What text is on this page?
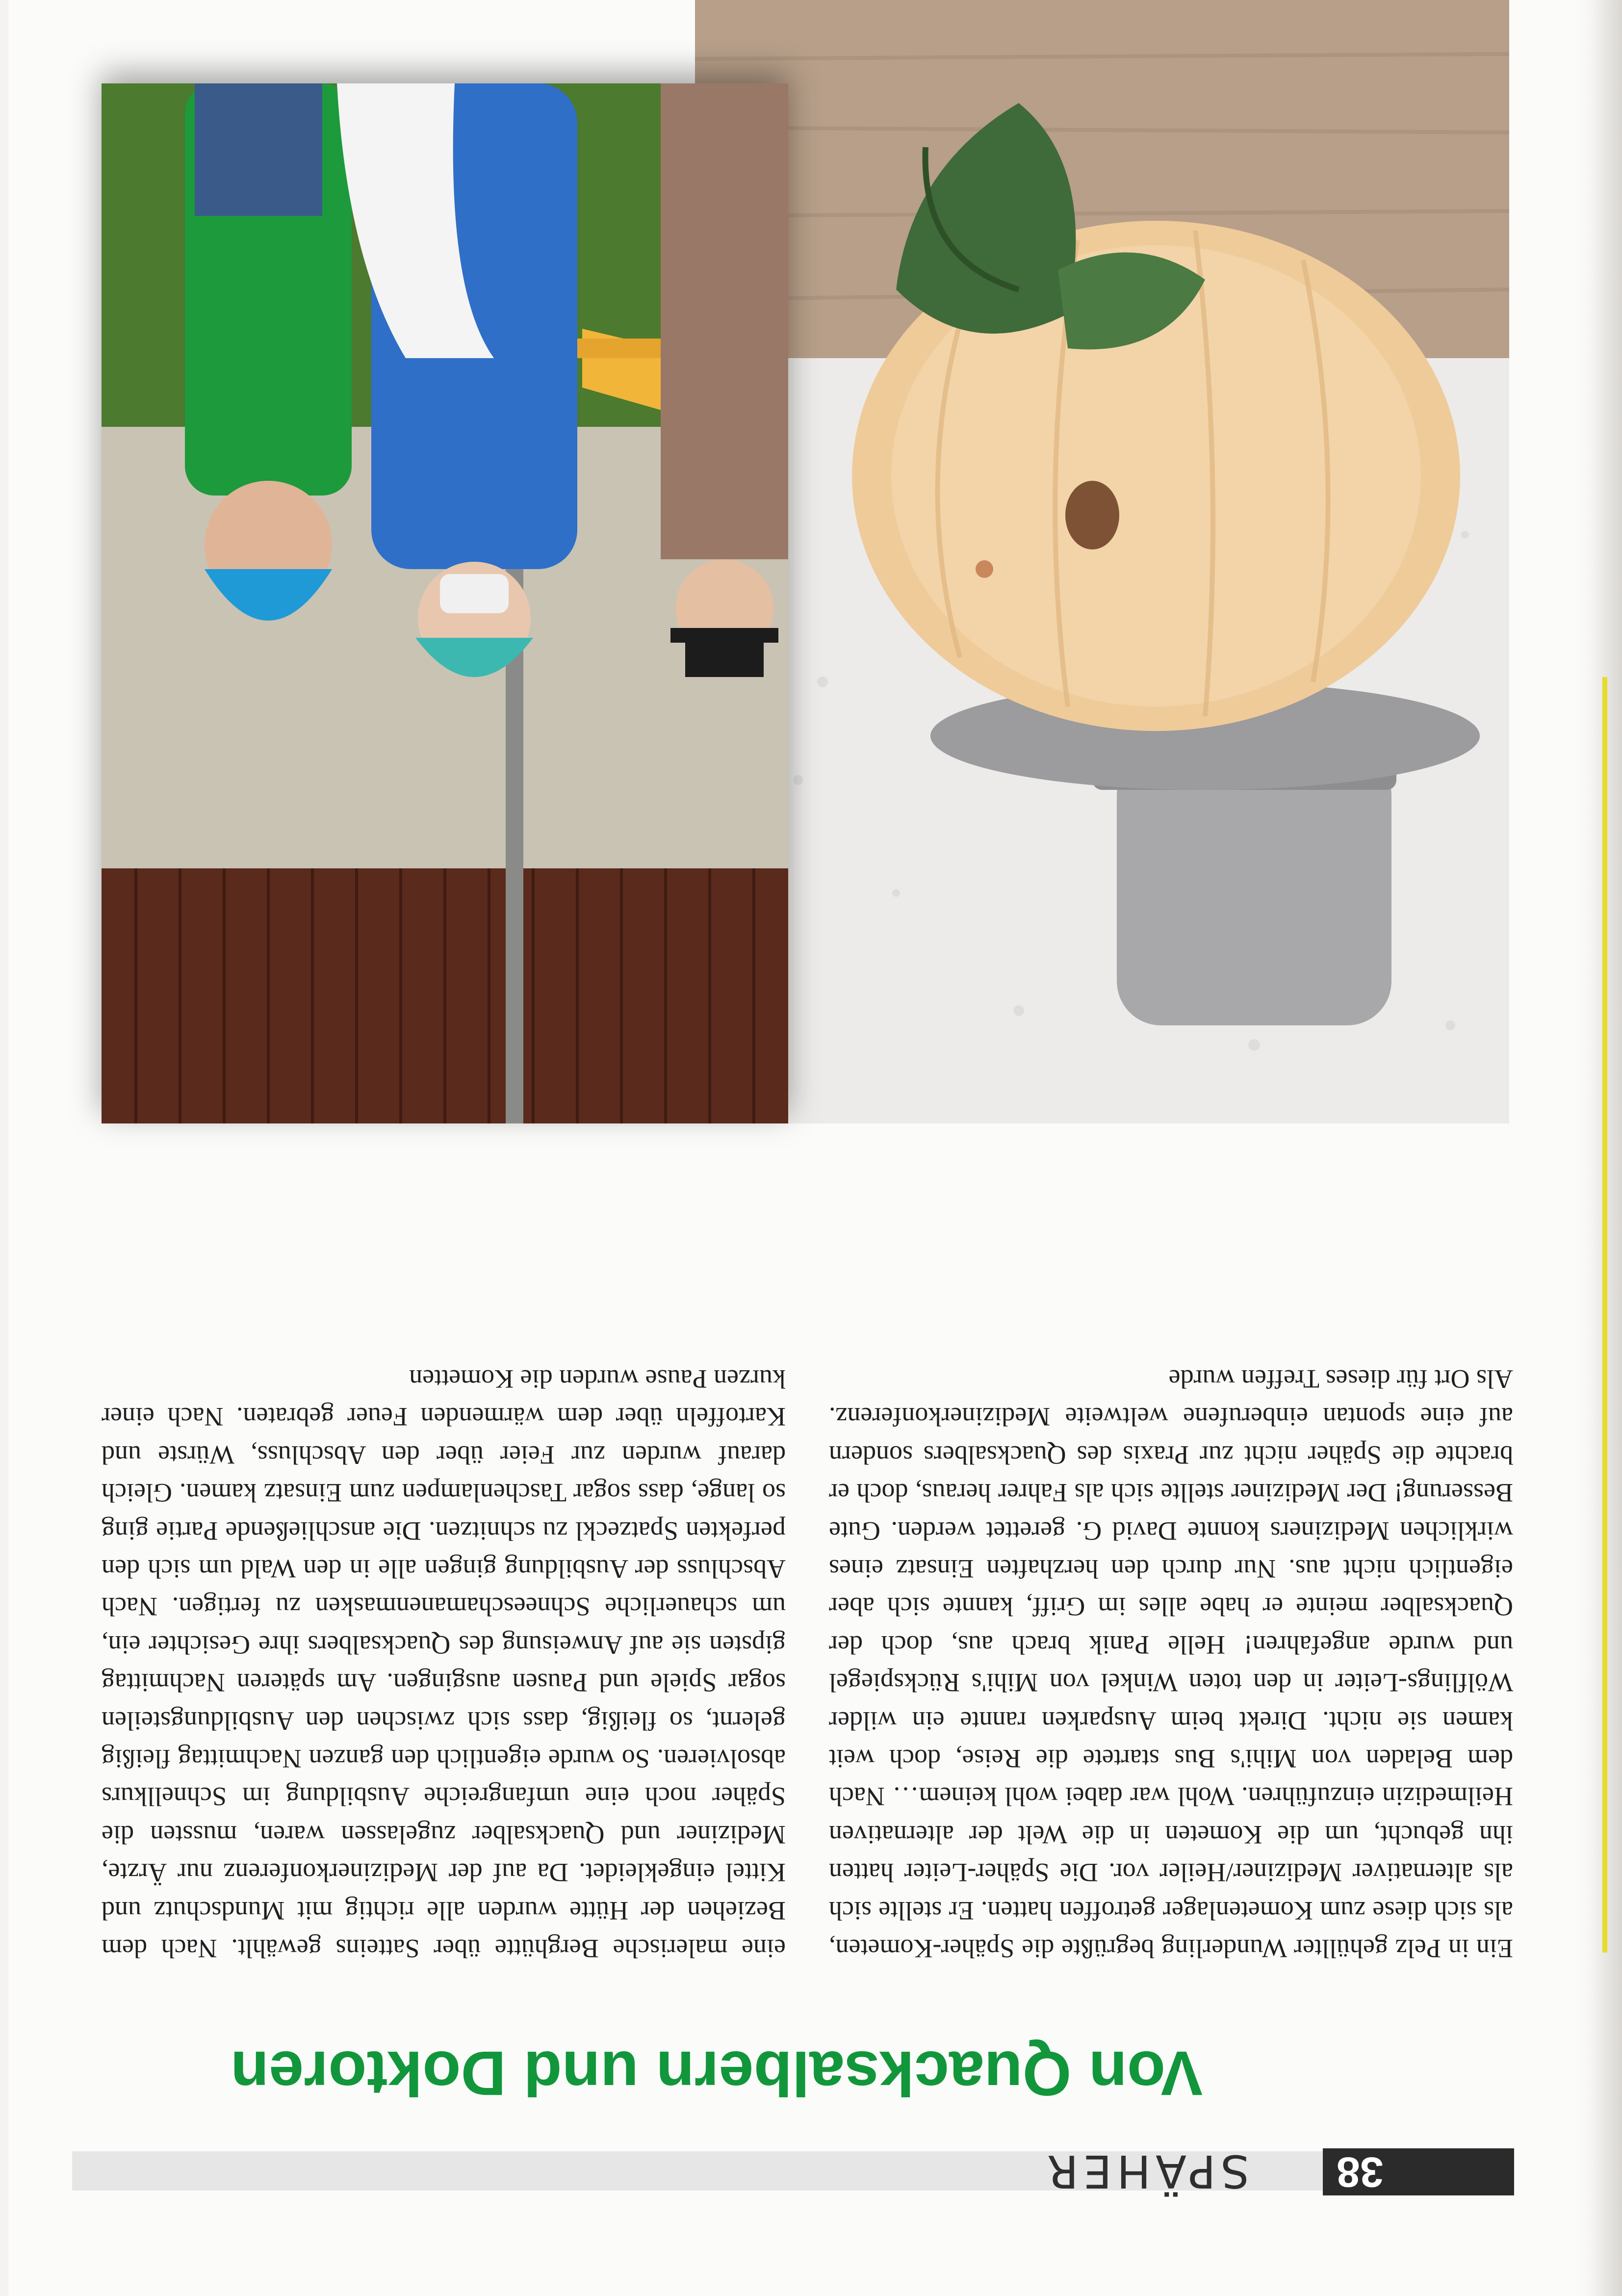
38
SPÄHER
Von Quacksalbern und Doktoren

Ein in Pelz gehüllter Wunderling begrüßte die Späher-Kometen, als sich diese zum Kometenlager getroffen hatten. Er stellte sich als alternativer Mediziner/Heiler vor. Die Späher-Leiter hatten ihn gebucht, um die Kometen in die Welt der alternativen Heilmedizin einzuführen. Wohl war dabei wohl keinem… Nach dem Beladen von Mihi's Bus startete die Reise, doch weit kamen sie nicht. Direkt beim Ausparken rannte ein wilder Wölflings-Leiter in den toten Winkel von Mihi's Rückspiegel und wurde angefahren! Helle Panik brach aus, doch der Quacksalber meinte er habe alles im Griff, kannte sich aber eigentlich nicht aus. Nur durch den herzhaften Einsatz eines wirklichen Mediziners konnte David G. gerettet werden. Gute Besserung! Der Mediziner stellte sich als Fahrer heraus, doch er brachte die Späher nicht zur Praxis des Quacksalbers sondern auf eine spontan einberufene weltweite Medizinerkonferenz. Als Ort für dieses Treffen wurde

eine malerische Berghütte über Satteins gewählt. Nach dem Beziehen der Hütte wurden alle richtig mit Mundschutz und Kittel eingekleidet. Da auf der Medizinerkonferenz nur Ärzte, Mediziner und Quacksalber zugelassen waren, mussten die Späher noch eine umfangreiche Ausbildung im Schnellkurs absolvieren. So wurde eigentlich den ganzen Nachmittag fleißig gelernt, so fleißig, dass sich zwischen den Ausbildungsteilen sogar Spiele und Pausen ausgingen. Am späteren Nachmittag gipsten sie auf Anweisung des Quacksalbers ihre Gesichter ein, um schauerliche Schneeschamanenmasken zu fertigen. Nach Abschluss der Ausbildung gingen alle in den Wald um sich den perfekten Spatzeckl zu schnitzen. Die anschließende Partie ging so lange, dass sogar Taschenlampen zum Einsatz kamen. Gleich darauf wurden zur Feier über den Abschluss, Würste und Kartoffeln über dem wärmenden Feuer gebraten. Nach einer kurzen Pause wurden die Kometten
